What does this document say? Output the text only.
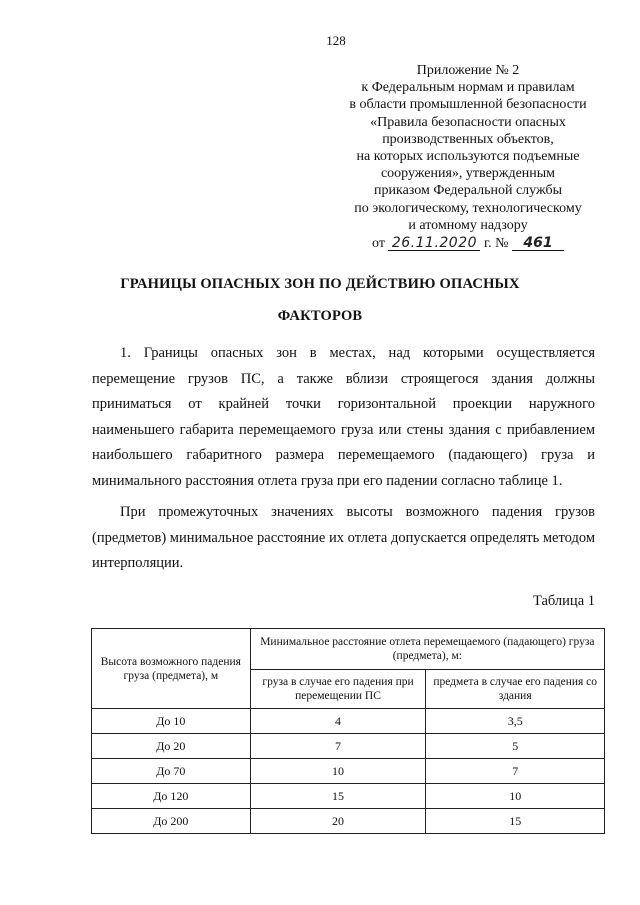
128
Приложение № 2
к Федеральным нормам и правилам
в области промышленной безопасности
«Правила безопасности опасных
производственных объектов,
на которых используются подъемные
сооружения», утвержденным
приказом Федеральной службы
по экологическому, технологическому
и атомному надзору
от 26.11.2020 г. № 461
ГРАНИЦЫ ОПАСНЫХ ЗОН ПО ДЕЙСТВИЮ ОПАСНЫХ
ФАКТОРОВ
1. Границы опасных зон в местах, над которыми осуществляется перемещение грузов ПС, а также вблизи строящегося здания должны приниматься от крайней точки горизонтальной проекции наружного наименьшего габарита перемещаемого груза или стены здания с прибавлением наибольшего габаритного размера перемещаемого (падающего) груза и минимального расстояния отлета груза при его падении согласно таблице 1.
При промежуточных значениях высоты возможного падения грузов (предметов) минимальное расстояние их отлета допускается определять методом интерполяции.
Таблица 1
Высота возможного падения груза (предмета), м	Минимальное расстояние отлета перемещаемого (падающего) груза (предмета), м:	
	груза в случае его падения при перемещении ПС	предмета в случае его падения со здания
До 10	4	3,5
До 20	7	5
До 70	10	7
До 120	15	10
До 200	20	15
